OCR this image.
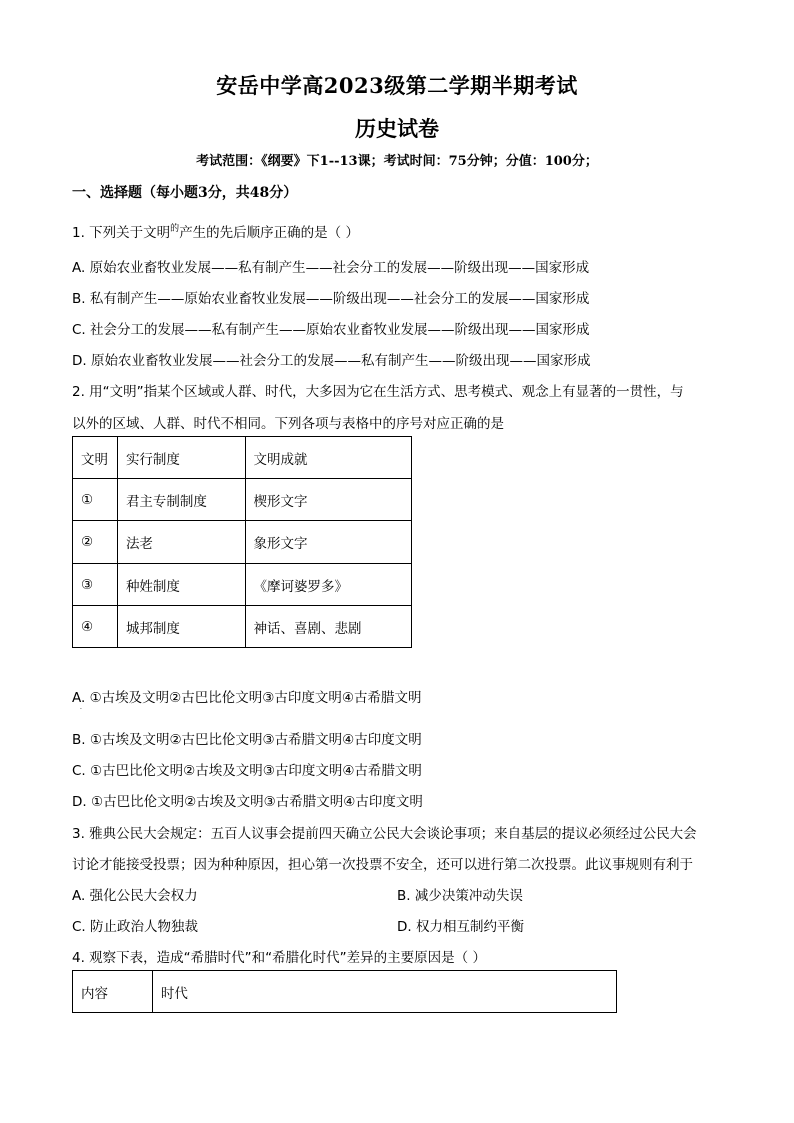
安岳中学高2023级第二学期半期考试
历史试卷
考试范围：《纲要》下1--13课；考试时间：75分钟；分值：100分；
一、选择题（每小题3分，共48分）
1. 下列关于文明$^的$产生的先后顺序正确的是（ ）
A. 原始农业畜牧业发展——私有制产生——社会分工的发展——阶级出现——国家形成
B. 私有制产生——原始农业畜牧业发展——阶级出现——社会分工的发展——国家形成
C. 社会分工的发展——私有制产生——原始农业畜牧业发展——阶级出现——国家形成
D. 原始农业畜牧业发展——社会分工的发展——私有制产生——阶级出现——国家形成
2. 用“文明”指某个区域或人群、时代，大多因为它在生活方式、思考模式、观念上有显著的一贯性，与
以外的区域、人群、时代不相同。下列各项与表格中的序号对应正确的是
文明	实行制度	文明成就
①	君主专制制度	楔形文字
②	法老	象形文字
③	种姓制度	《摩诃婆罗多》
④	城邦制度	神话、喜剧、悲剧
A. ①古埃及文明②古巴比伦文明③古印度文明④古希腊文明
·
B. ①古埃及文明②古巴比伦文明③古希腊文明④古印度文明
C. ①古巴比伦文明②古埃及文明③古印度文明④古希腊文明
D. ①古巴比伦文明②古埃及文明③古希腊文明④古印度文明
3. 雅典公民大会规定：五百人议事会提前四天确立公民大会谈论事项；来自基层的提议必须经过公民大会
讨论才能接受投票；因为种种原因，担心第一次投票不安全，还可以进行第二次投票。此议事规则有利于
A. 强化公民大会权力	B. 减少决策冲动失误
C. 防止政治人物独裁	D. 权力相互制约平衡
4. 观察下表，造成“希腊时代”和“希腊化时代”差异的主要原因是（ ）
内容	时代
